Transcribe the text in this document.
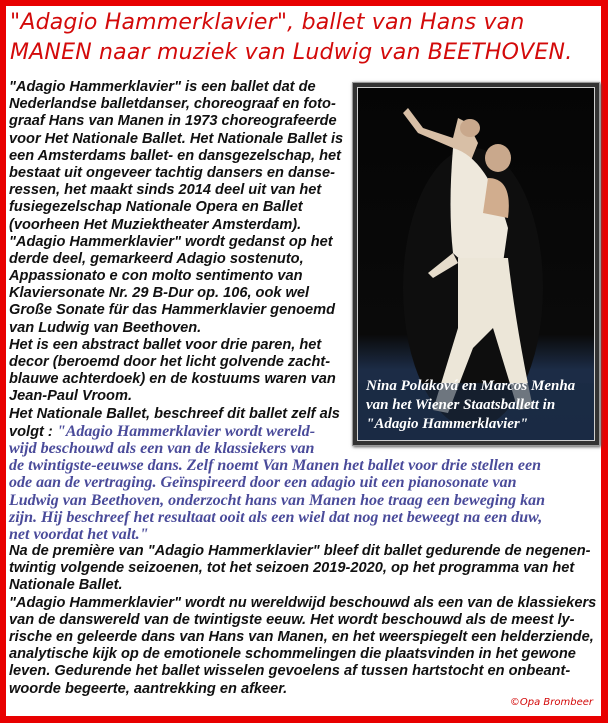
"Adagio Hammerklavier", ballet van Hans van
MANEN naar muziek van Ludwig van BEETHOVEN.
Nina Poláková en Marcos Menha
van het Wiener Staatsballett in
"Adagio Hammerklavier"
"Adagio Hammerklavier" is een ballet dat de
Nederlandse balletdanser, choreograaf en foto-
graaf Hans van Manen in 1973 choreografeerde
voor Het Nationale Ballet. Het Nationale Ballet is
een Amsterdams ballet- en dansgezelschap, het
bestaat uit ongeveer tachtig dansers en danse-
ressen, het maakt sinds 2014 deel uit van het
fusiegezelschap Nationale Opera en Ballet
(voorheen Het Muziektheater Amsterdam).
"Adagio Hammerklavier" wordt gedanst op het
derde deel, gemarkeerd Adagio sostenuto,
Appassionato e con molto sentimento van
Klaviersonate Nr. 29 B-Dur op. 106, ook wel
Große Sonate für das Hammerklavier genoemd
van Ludwig van Beethoven.
Het is een abstract ballet voor drie paren, het
decor (beroemd door het licht golvende zacht-
blauwe achterdoek) en de kostuums waren van
Jean-Paul Vroom.
Het Nationale Ballet, beschreef dit ballet zelf als
volgt : "Adagio Hammerklavier wordt wereld-
wijd beschouwd als een van de klassiekers van
de twintigste-eeuwse dans. Zelf noemt Van Manen het ballet voor drie stellen een
ode aan de vertraging. Geïnspireerd door een adagio uit een pianosonate van
Ludwig van Beethoven, onderzocht hans van Manen hoe traag een beweging kan
zijn. Hij beschreef het resultaat ooit als een wiel dat nog net beweegt na een duw,
net voordat het valt."
Na de première van "Adagio Hammerklavier" bleef dit ballet gedurende de negenen-
twintig volgende seizoenen, tot het seizoen 2019-2020, op het programma van het
Nationale Ballet.
"Adagio Hammerklavier" wordt nu wereldwijd beschouwd als een van de klassiekers
van de danswereld van de twintigste eeuw. Het wordt beschouwd als de meest ly-
rische en geleerde dans van Hans van Manen, en het weerspiegelt een helderziende,
analytische kijk op de emotionele schommelingen die plaatsvinden in het gewone
leven. Gedurende het ballet wisselen gevoelens af tussen hartstocht en onbeant-
woorde begeerte, aantrekking en afkeer.
©Opa Brombeer
